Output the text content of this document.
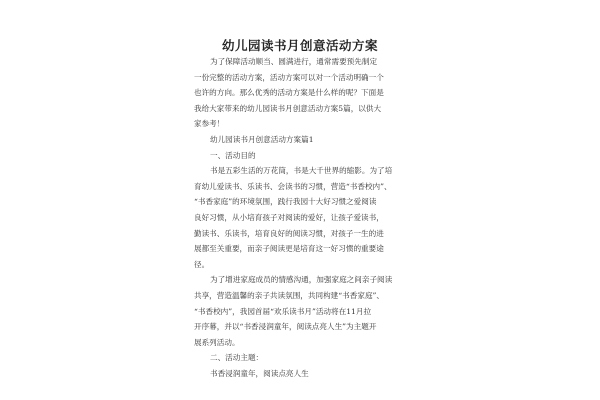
幼儿园读书月创意活动方案
为了保障活动顺当、圆满进行，通常需要预先制定
一份完整的活动方案，活动方案可以对一个活动明确一个
也许的方向。那么优秀的活动方案是什么样的呢？下面是
我给大家带来的幼儿园读书月创意活动方案5篇，以供大
家参考！
幼儿园读书月创意活动方案篇1
一、活动目的
书是五彩生活的万花筒，书是大千世界的缩影。为了培
育幼儿爱读书、乐读书、会读书的习惯，营造“书香校内”、
“书香家庭”的环境氛围，践行我园十大好习惯之爱阅读
良好习惯，从小培育孩子对阅读的爱好，让孩子爱读书，
勤读书、乐读书，培育良好的阅读习惯，对孩子一生的进
展都至关重要，而亲子阅读更是培育这一好习惯的重要途
径。
为了增进家庭成员的情感沟通，加强家庭之间亲子阅读
共享，营造温馨的亲子共读氛围，共同构建“书香家庭”、
“书香校内”，我园首届“欢乐读书月”活动将在11月拉
开序幕，并以“书香浸润童年，阅读点亮人生”为主题开
展系列活动。
二、活动主题：
书香浸润童年，阅读点亮人生
